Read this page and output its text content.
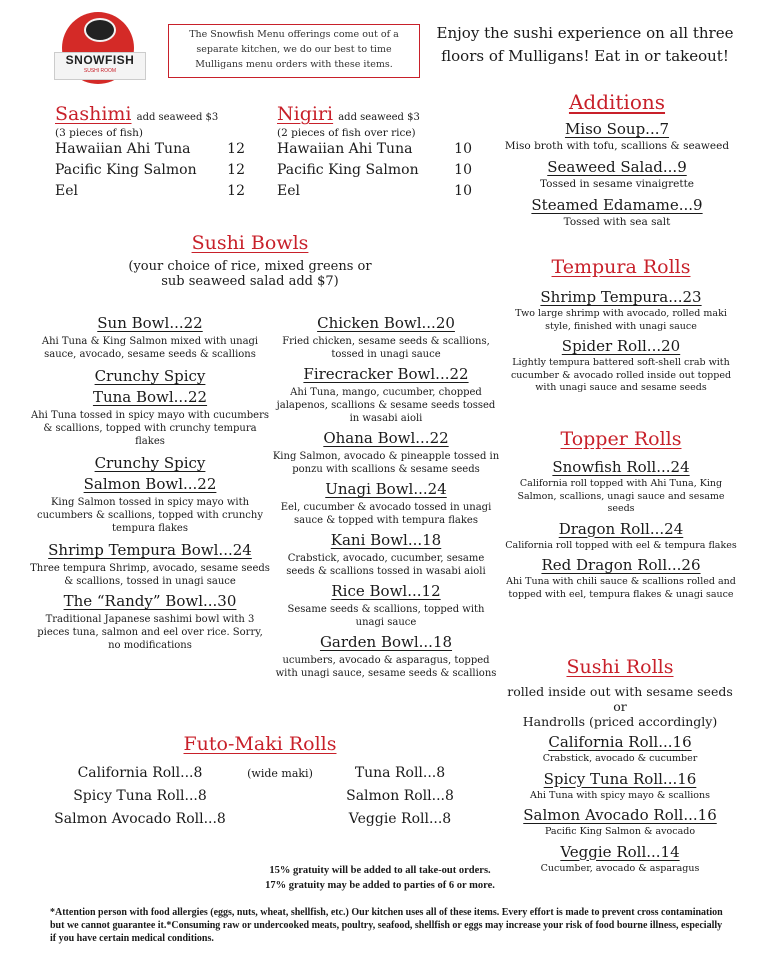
SNOWFISH
SUSHI ROOM
The Snowfish Menu offerings come out of a separate kitchen, we do our best to time Mulligans menu orders with these items.
Enjoy the sushi experience on all three floors of Mulligans! Eat in or takeout!
Sashimi add seaweed $3
(3 pieces of fish)
Hawaiian Ahi Tuna	12
Pacific King Salmon 12
Eel	12
Nigiri add seaweed $3
(2 pieces of fish over rice)
Hawaiian Ahi Tuna	10
Pacific King Salmon	10
Eel	10
Additions
Miso Soup...7
Miso broth with tofu, scallions & seaweed
Seaweed Salad...9
Tossed in sesame vinaigrette
Steamed Edamame...9
Tossed with sea salt
Sushi Bowls
(your choice of rice, mixed greens or
sub seaweed salad add $7)
Sun Bowl...22
Ahi Tuna & King Salmon mixed with unagi sauce, avocado, sesame seeds & scallions
Crunchy Spicy
Tuna Bowl...22
Ahi Tuna tossed in spicy mayo with cucumbers & scallions, topped with crunchy tempura flakes
Crunchy Spicy
Salmon Bowl...22
King Salmon tossed in spicy mayo with cucumbers & scallions, topped with crunchy tempura flakes
Shrimp Tempura Bowl...24
Three tempura Shrimp, avocado, sesame seeds & scallions, tossed in unagi sauce
The “Randy” Bowl...30
Traditional Japanese sashimi bowl with 3 pieces tuna, salmon and eel over rice. Sorry, no modifications
Chicken Bowl...20
Fried chicken, sesame seeds & scallions, tossed in unagi sauce
Firecracker Bowl...22
Ahi Tuna, mango, cucumber, chopped jalapenos, scallions & sesame seeds tossed in wasabi aioli
Ohana Bowl...22
King Salmon, avocado & pineapple tossed in ponzu with scallions & sesame seeds
Unagi Bowl...24
Eel, cucumber & avocado tossed in unagi sauce & topped with tempura flakes
Kani Bowl...18
Crabstick, avocado, cucumber, sesame seeds & scallions tossed in wasabi aioli
Rice Bowl...12
Sesame seeds & scallions, topped with unagi sauce
Garden Bowl...18
ucumbers, avocado & asparagus, topped with unagi sauce, sesame seeds & scallions
Tempura Rolls
Shrimp Tempura...23
Two large shrimp with avocado, rolled maki style, finished with unagi sauce
Spider Roll...20
Lightly tempura battered soft-shell crab with cucumber & avocado rolled inside out topped with unagi sauce and sesame seeds
Topper Rolls
Snowfish Roll...24
California roll topped with Ahi Tuna, King Salmon, scallions, unagi sauce and sesame seeds
Dragon Roll...24
California roll topped with eel & tempura flakes
Red Dragon Roll...26
Ahi Tuna with chili sauce & scallions rolled and topped with eel, tempura flakes & unagi sauce
Sushi Rolls
rolled inside out with sesame seeds or
Handrolls (priced accordingly)
California Roll...16
Crabstick, avocado & cucumber
Spicy Tuna Roll...16
Ahi Tuna with spicy mayo & scallions
Salmon Avocado Roll...16
Pacific King Salmon & avocado
Veggie Roll...14
Cucumber, avocado & asparagus
Futo-Maki Rolls
(wide maki)
California Roll...8
Spicy Tuna Roll...8
Salmon Avocado Roll...8
Tuna Roll...8
Salmon Roll...8
Veggie Roll...8
15% gratuity will be added to all take-out orders.
17% gratuity may be added to parties of 6 or more.
*Attention person with food allergies (eggs, nuts, wheat, shellfish, etc.) Our kitchen uses all of these items. Every effort is made to prevent cross contamination but we cannot guarantee it.*Consuming raw or undercooked meats, poultry, seafood, shellfish or eggs may increase your risk of food bourne illness, especially if you have certain medical conditions.
